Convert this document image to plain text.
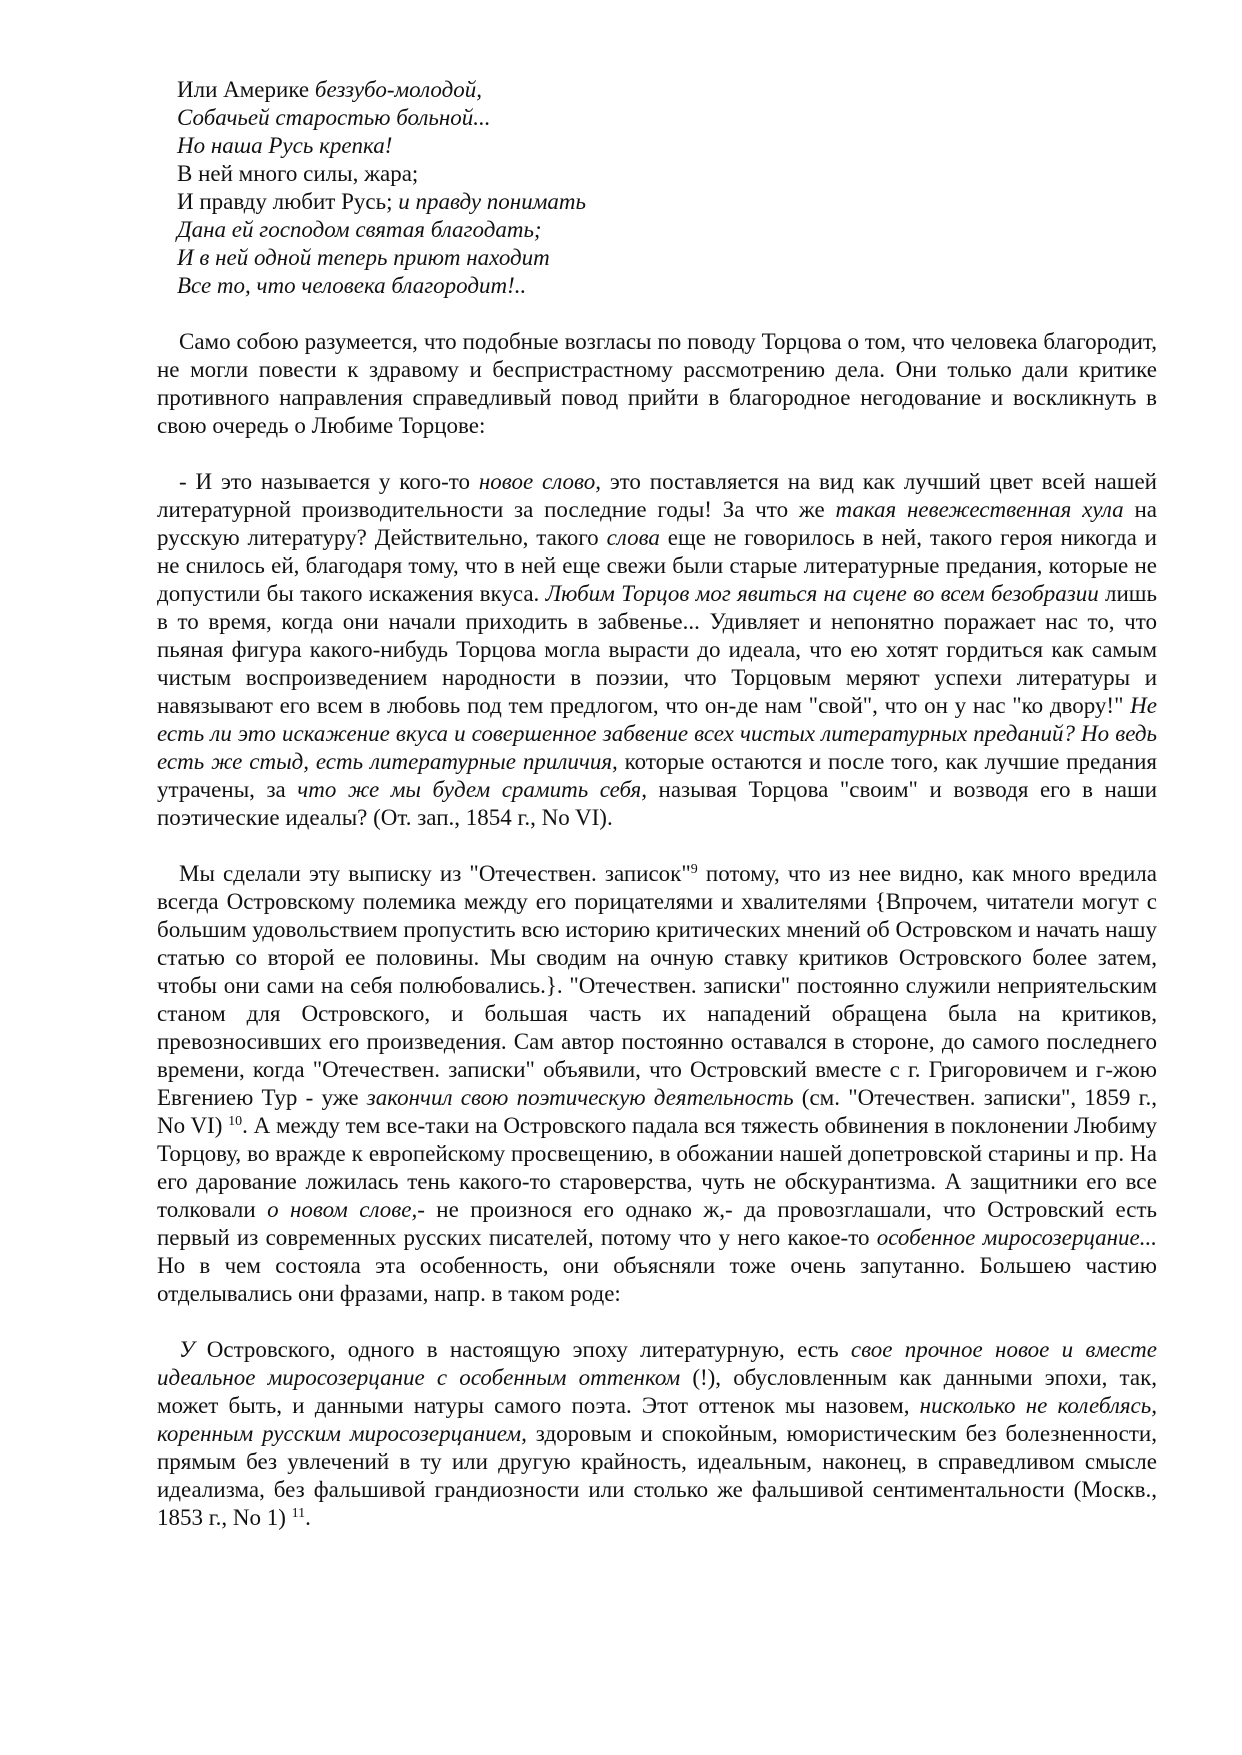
Или Америке беззубо-молодой,
Собачьей старостью больной...
Но наша Русь крепка!
В ней много силы, жара;
И правду любит Русь; и правду понимать
Дана ей господом святая благодать;
И в ней одной теперь приют находит
Все то, что человека благородит!..

Само собою разумеется, что подобные возгласы по поводу Торцова о том, что человека благородит, не могли повести к здравому и беспристрастному рассмотрению дела. Они только дали критике противного направления справедливый повод прийти в благородное негодование и воскликнуть в свою очередь о Любиме Торцове:

- И это называется у кого-то новое слово, это поставляется на вид как лучший цвет всей нашей литературной производительности за последние годы! За что же такая невежественная хула на русскую литературу? Действительно, такого слова еще не говорилось в ней, такого героя никогда и не снилось ей, благодаря тому, что в ней еще свежи были старые литературные предания, которые не допустили бы такого искажения вкуса. Любим Торцов мог явиться на сцене во всем безобразии лишь в то время, когда они начали приходить в забвенье... Удивляет и непонятно поражает нас то, что пьяная фигура какого-нибудь Торцова могла вырасти до идеала, что ею хотят гордиться как самым чистым воспроизведением народности в поэзии, что Торцовым меряют успехи литературы и навязывают его всем в любовь под тем предлогом, что он-де нам "свой", что он у нас "ко двору!" Не есть ли это искажение вкуса и совершенное забвение всех чистых литературных преданий? Но ведь есть же стыд, есть литературные приличия, которые остаются и после того, как лучшие предания утрачены, за что же мы будем срамить себя, называя Торцова "своим" и возводя его в наши поэтические идеалы? (От. зап., 1854 г., No VI).

Мы сделали эту выписку из "Отечествен. записок"$^9$ потому, что из нее видно, как много вредила всегда Островскому полемика между его порицателями и хвалителями {Впрочем, читатели могут с большим удовольствием пропустить всю историю критических мнений об Островском и начать нашу статью со второй ее половины. Мы сводим на очную ставку критиков Островского более затем, чтобы они сами на себя полюбовались.}. "Отечествен. записки" постоянно служили неприятельским станом для Островского, и большая часть их нападений обращена была на критиков, превозносивших его произведения. Сам автор постоянно оставался в стороне, до самого последнего времени, когда "Отечествен. записки" объявили, что Островский вместе с г. Григоровичем и г-жою Евгениею Тур - уже закончил свою поэтическую деятельность (см. "Отечествен. записки", 1859 г., No VI) $^{10}$. А между тем все-таки на Островского падала вся тяжесть обвинения в поклонении Любиму Торцову, во вражде к европейскому просвещению, в обожании нашей допетровской старины и пр. На его дарование ложилась тень какого-то староверства, чуть не обскурантизма. А защитники его все толковали о новом слове,- не произнося его однако ж,- да провозглашали, что Островский есть первый из современных русских писателей, потому что у него какое-то особенное миросозерцание... Но в чем состояла эта особенность, они объясняли тоже очень запутанно. Большею частию отделывались они фразами, напр. в таком роде:

У Островского, одного в настоящую эпоху литературную, есть свое прочное новое и вместе идеальное миросозерцание с особенным оттенком (!), обусловленным как данными эпохи, так, может быть, и данными натуры самого поэта. Этот оттенок мы назовем, нисколько не колеблясь, коренным русским миросозерцанием, здоровым и спокойным, юмористическим без болезненности, прямым без увлечений в ту или другую крайность, идеальным, наконец, в справедливом смысле идеализма, без фальшивой грандиозности или столько же фальшивой сентиментальности (Москв., 1853 г., No 1) $^{11}$.
